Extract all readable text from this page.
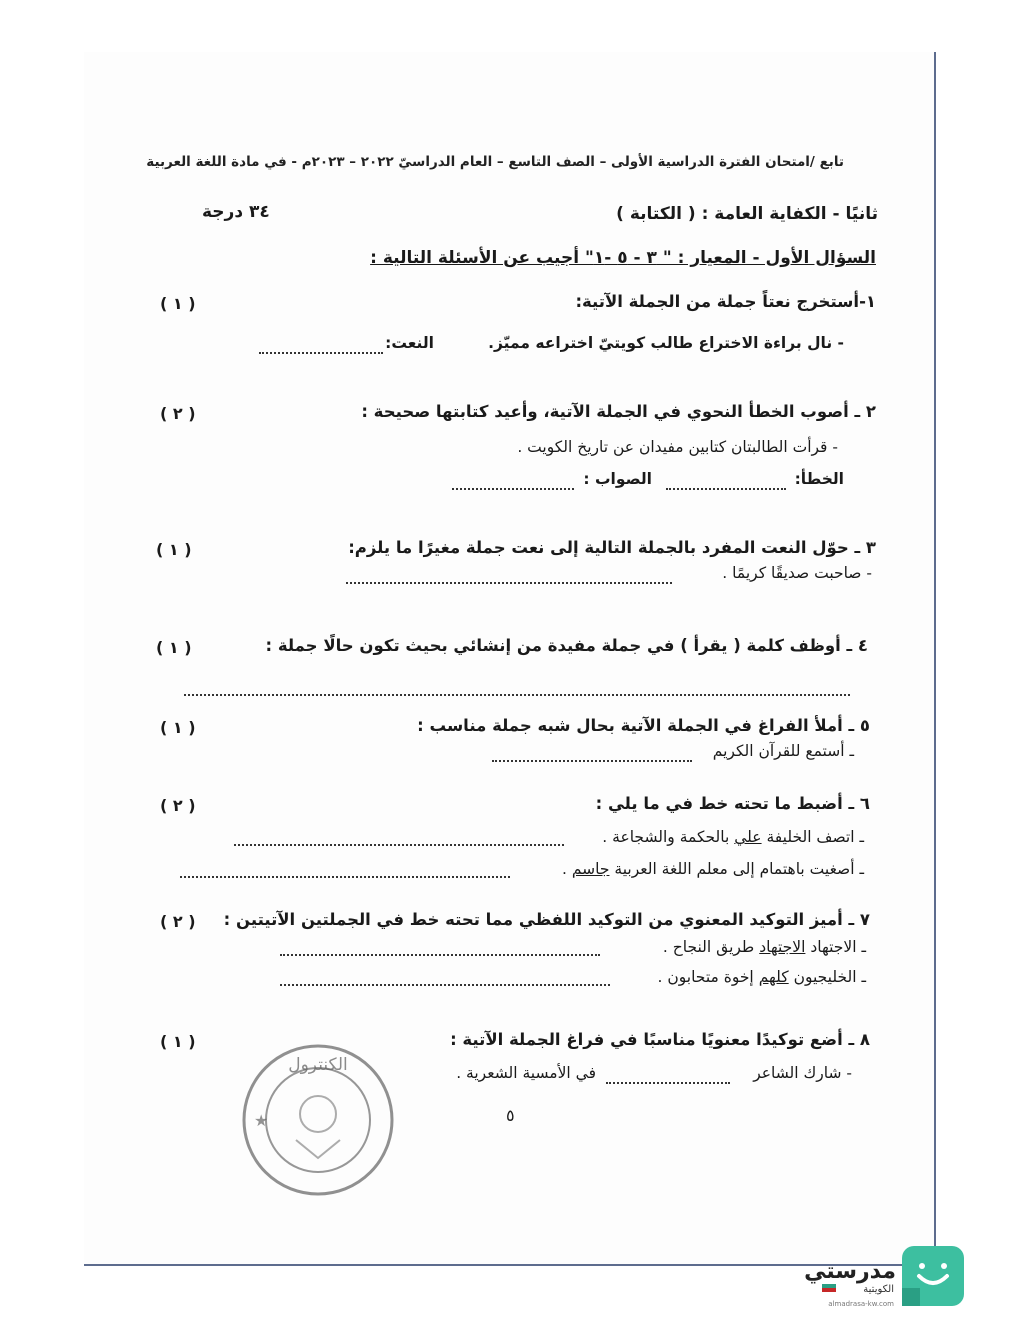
تابع /امتحان الفترة الدراسية الأولى – الصف التاسع – العام الدراسيّ ٢٠٢٢ – ٢٠٢٣م - في مادة اللغة العربية
ثانيًا - الكفاية العامة : ( الكتابة )
٣٤ درجة
السؤال الأول - المعيار : " ٣ - ٥ -١" أجيب عن الأسئلة التالية :
١-أستخرج نعتاً جملة من الجملة الآتية:
( ١ )
- نال براءة الاختراع طالب كويتيّ اختراعه مميّز.
النعت:
٢ ـ أصوب الخطأ النحوي في الجملة الآتية، وأعيد كتابتها صحيحة :
( ٢ )
- قرأت الطالبتان كتابين مفيدان عن تاريخ الكويت .
الخطأ:
الصواب :
٣ ـ حوّل النعت المفرد بالجملة التالية إلى نعت جملة مغيرًا ما يلزم:
( ١ )
- صاحبت صديقًا كريمًا .
٤ ـ أوظف كلمة ( يقرأ ) في جملة مفيدة من إنشائي بحيث تكون حالًا جملة :
( ١ )
٥ ـ أملأ الفراغ في الجملة الآتية بحال شبه جملة مناسب :
( ١ )
ـ أستمع للقرآن الكريم
٦ ـ أضبط ما تحته خط في ما يلي :
( ٢ )
ـ اتصف الخليفة علي بالحكمة والشجاعة .
ـ أصغيت باهتمام إلى معلم اللغة العربية جاسم .
٧ ـ أميز التوكيد المعنوي من التوكيد اللفظي مما تحته خط في الجملتين الآتيتين :
( ٢ )
ـ الاجتهاد الاجتهاد طريق النجاح .
ـ الخليجيون كلهم إخوة متحابون .
٨ ـ أضع توكيدًا معنويًا مناسبًا في فراغ الجملة الآتية :
( ١ )
- شارك الشاعر
في الأمسية الشعرية .
٥
★
الكنترول
مدرستي
الكويتية
almadrasa-kw.com
